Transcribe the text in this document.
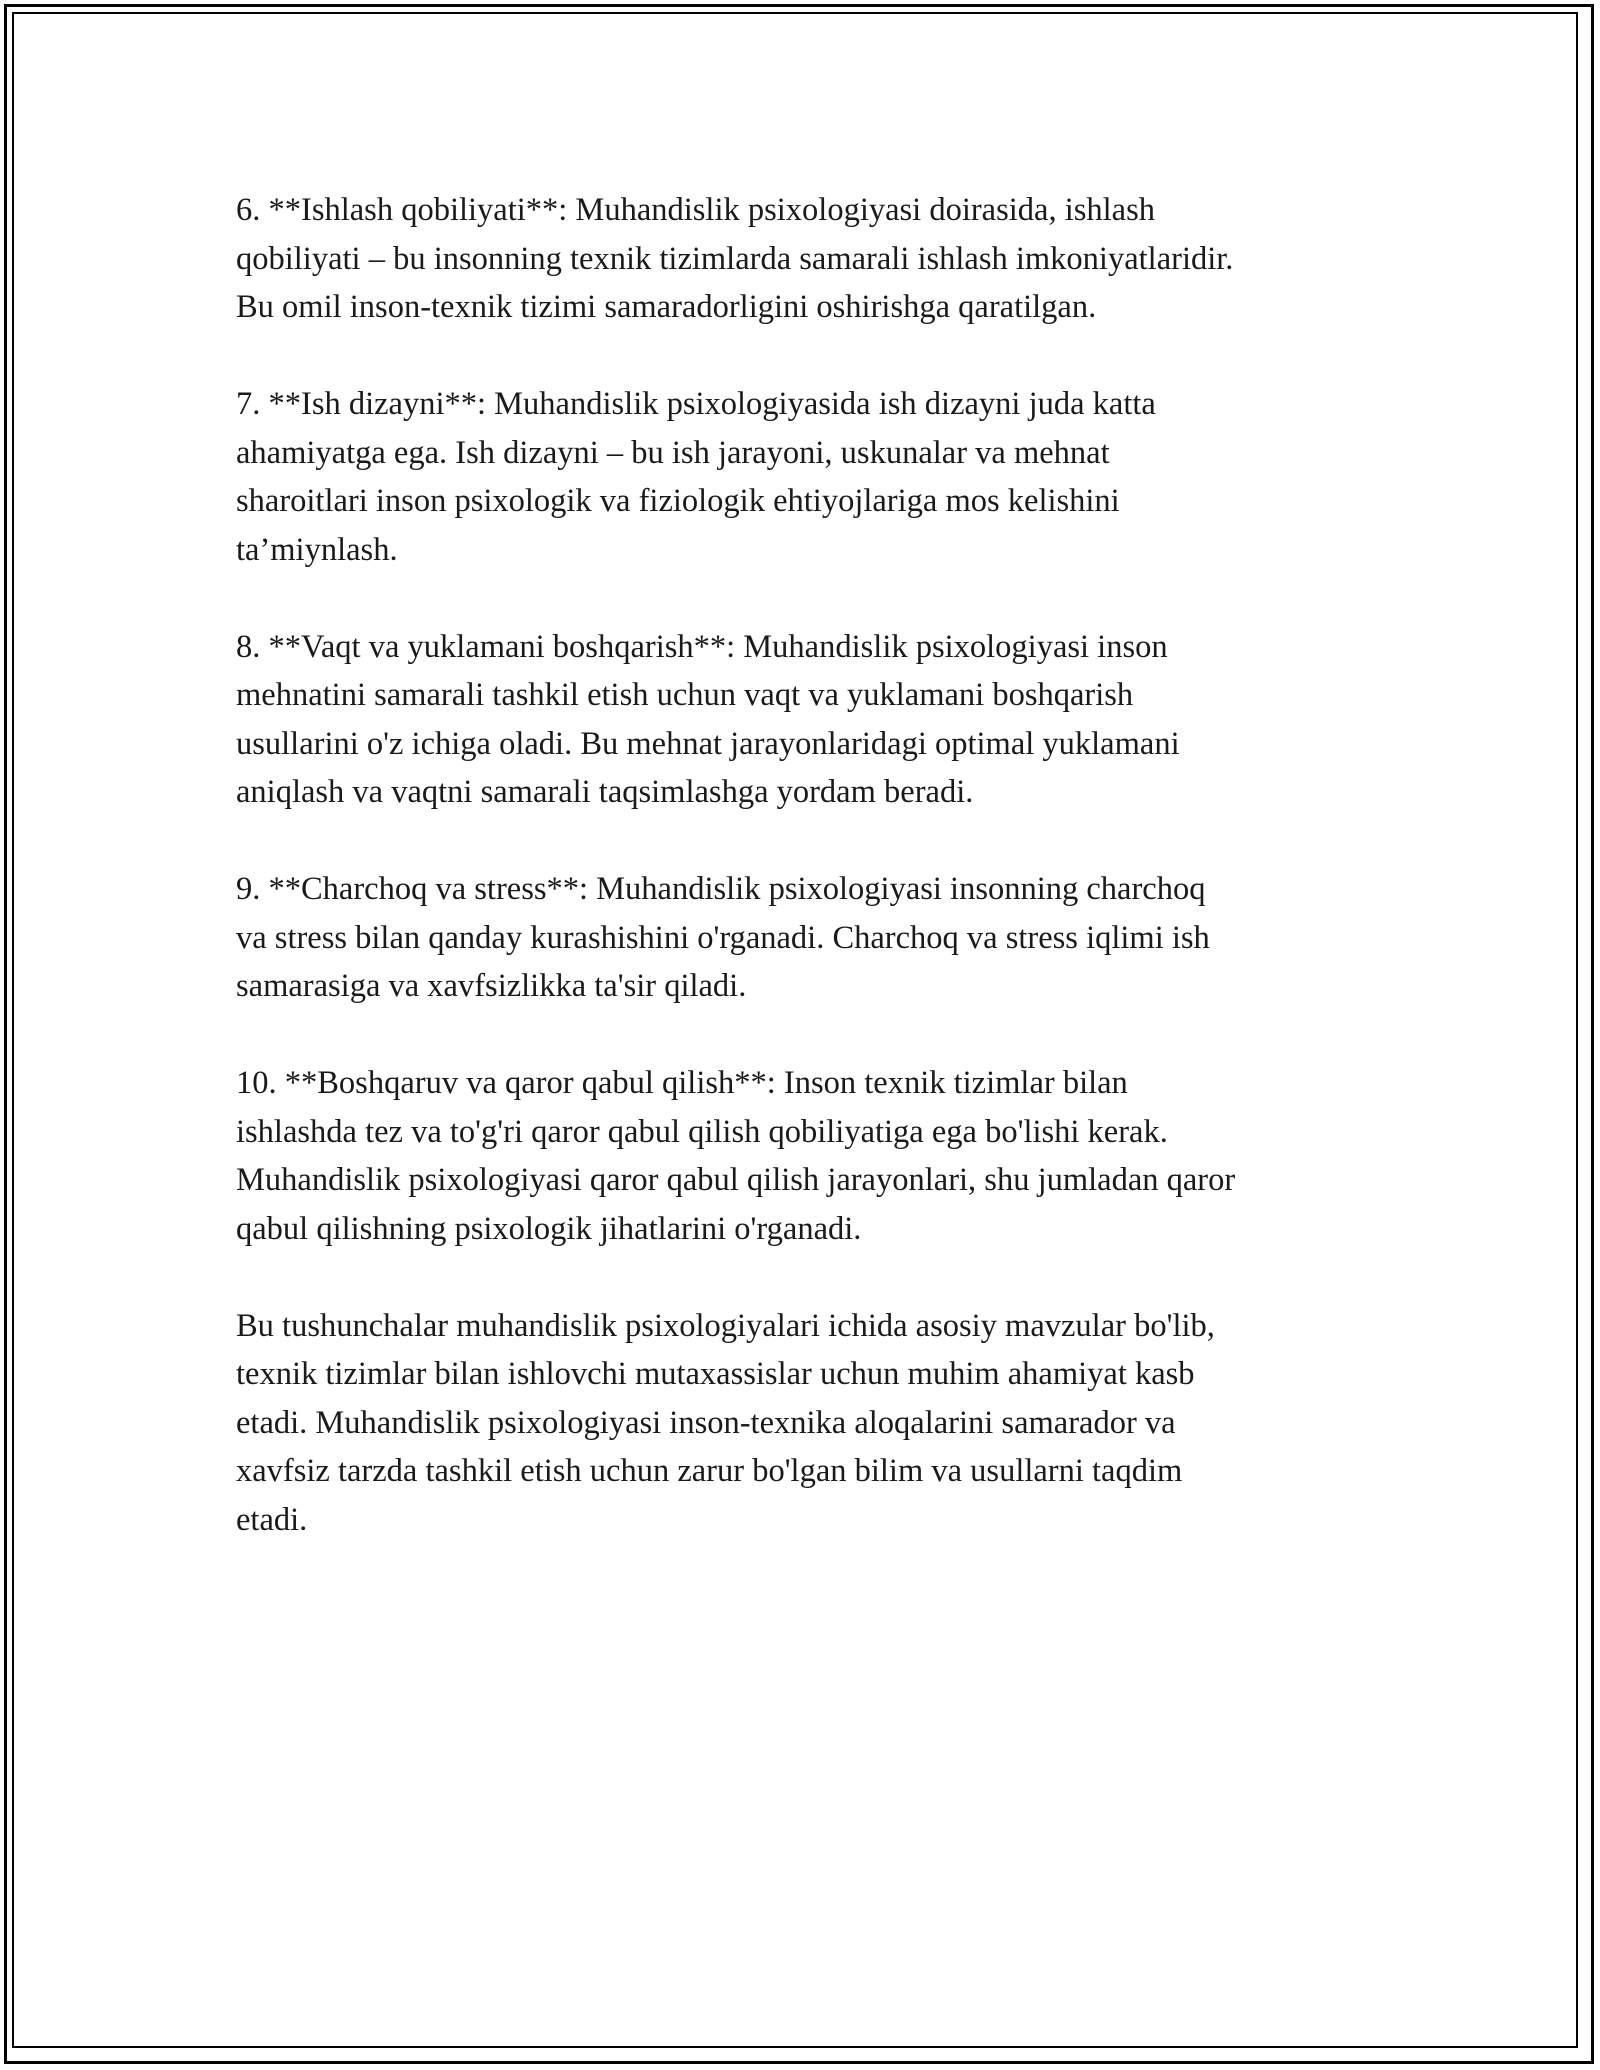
6. **Ishlash qobiliyati**: Muhandislik psixologiyasi doirasida, ishlash
qobiliyati – bu insonning texnik tizimlarda samarali ishlash imkoniyatlaridir.
Bu omil inson-texnik tizimi samaradorligini oshirishga qaratilgan.

7. **Ish dizayni**: Muhandislik psixologiyasida ish dizayni juda katta
ahamiyatga ega. Ish dizayni – bu ish jarayoni, uskunalar va mehnat
sharoitlari inson psixologik va fiziologik ehtiyojlariga mos kelishini
ta’miynlash.

8. **Vaqt va yuklamani boshqarish**: Muhandislik psixologiyasi inson
mehnatini samarali tashkil etish uchun vaqt va yuklamani boshqarish
usullarini o'z ichiga oladi. Bu mehnat jarayonlaridagi optimal yuklamani
aniqlash va vaqtni samarali taqsimlashga yordam beradi.

9. **Charchoq va stress**: Muhandislik psixologiyasi insonning charchoq
va stress bilan qanday kurashishini o'rganadi. Charchoq va stress iqlimi ish
samarasiga va xavfsizlikka ta'sir qiladi.

10. **Boshqaruv va qaror qabul qilish**: Inson texnik tizimlar bilan
ishlashda tez va to'g'ri qaror qabul qilish qobiliyatiga ega bo'lishi kerak.
Muhandislik psixologiyasi qaror qabul qilish jarayonlari, shu jumladan qaror
qabul qilishning psixologik jihatlarini o'rganadi.

Bu tushunchalar muhandislik psixologiyalari ichida asosiy mavzular bo'lib,
texnik tizimlar bilan ishlovchi mutaxassislar uchun muhim ahamiyat kasb
etadi. Muhandislik psixologiyasi inson-texnika aloqalarini samarador va
xavfsiz tarzda tashkil etish uchun zarur bo'lgan bilim va usullarni taqdim
etadi.
